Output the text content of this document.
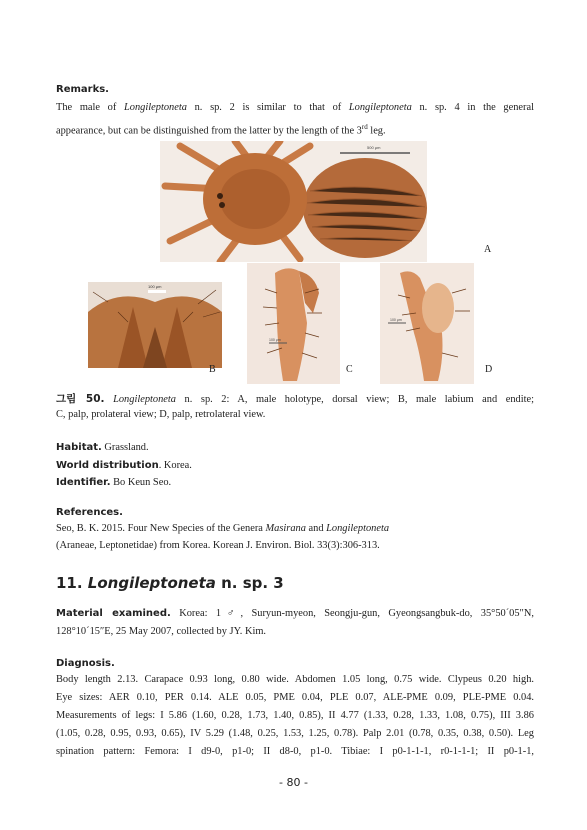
Remarks.
The male of Longileptoneta n. sp. 2 is similar to that of Longileptoneta n. sp. 4 in the general
appearance, but can be distinguished from the latter by the length of the 3rd leg.
500 μm
A
100 μm
B
100 μm
C
100 μm
D
그림 50. Longileptoneta n. sp. 2: A, male holotype, dorsal view; B, male labium and endite;
C, palp, prolateral view; D, palp, retrolateral view.
Habitat. Grassland.
World distribution. Korea.
Identifier. Bo Keun Seo.
References.
Seo, B. K. 2015. Four New Species of the Genera Masirana and Longileptoneta
(Araneae, Leptonetidae) from Korea. Korean J. Environ. Biol. 33(3):306-313.
11. Longileptoneta n. sp. 3
Material examined. Korea: 1♂, Suryun-myeon, Seongju-gun, Gyeongsangbuk-do, 35°50´05″N,
128°10´15″E, 25 May 2007, collected by JY. Kim.
Diagnosis.
Body length 2.13. Carapace 0.93 long, 0.80 wide. Abdomen 1.05 long, 0.75 wide. Clypeus 0.20 high.
Eye sizes: AER 0.10, PER 0.14. ALE 0.05, PME 0.04, PLE 0.07, ALE-PME 0.09, PLE-PME 0.04.
Measurements of legs: I 5.86 (1.60, 0.28, 1.73, 1.40, 0.85), II 4.77 (1.33, 0.28, 1.33, 1.08, 0.75), III 3.86
(1.05, 0.28, 0.95, 0.93, 0.65), IV 5.29 (1.48, 0.25, 1.53, 1.25, 0.78). Palp 2.01 (0.78, 0.35, 0.38, 0.50). Leg
spination pattern: Femora: I d9-0, p1-0; II d8-0, p1-0. Tibiae: I p0-1-1-1, r0-1-1-1; II p0-1-1,
- 80 -
